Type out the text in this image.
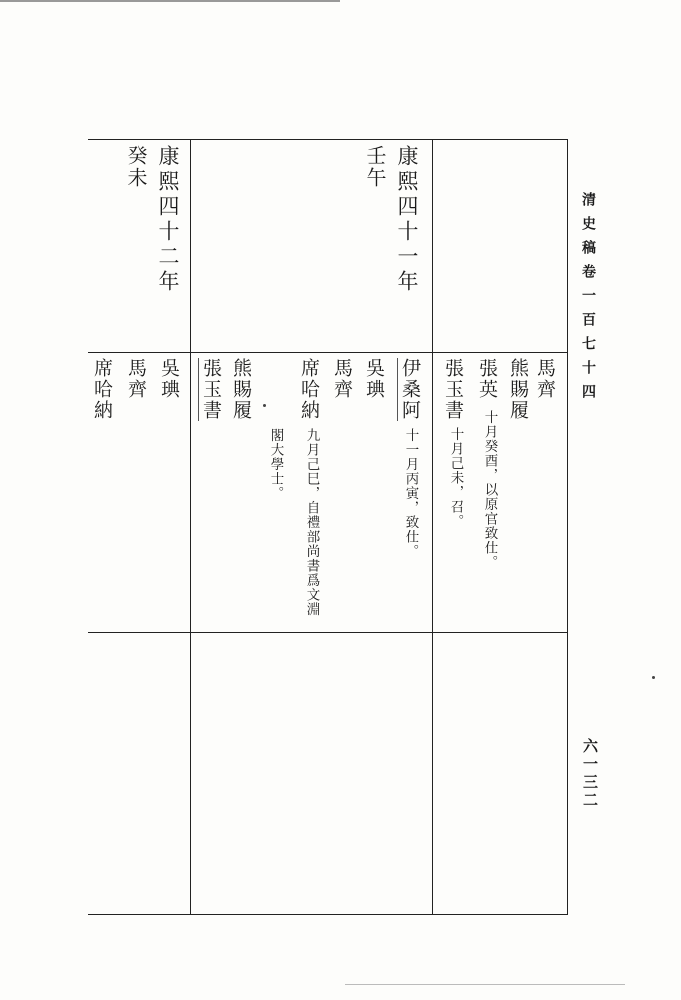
清史稿卷一百七十四
六一三二
康熙四十一年
壬午
康熙四十二年
癸未
馬齊
熊賜履
張英
十月癸酉，以原官致仕。
張玉書
十月己未，召。
伊桑阿
十一月丙寅，致仕。
吳琠
馬齊
席哈納
九月己巳，自禮部尚書爲文淵
閣大學士。
熊賜履
張玉書
吳琠
馬齊
席哈納
